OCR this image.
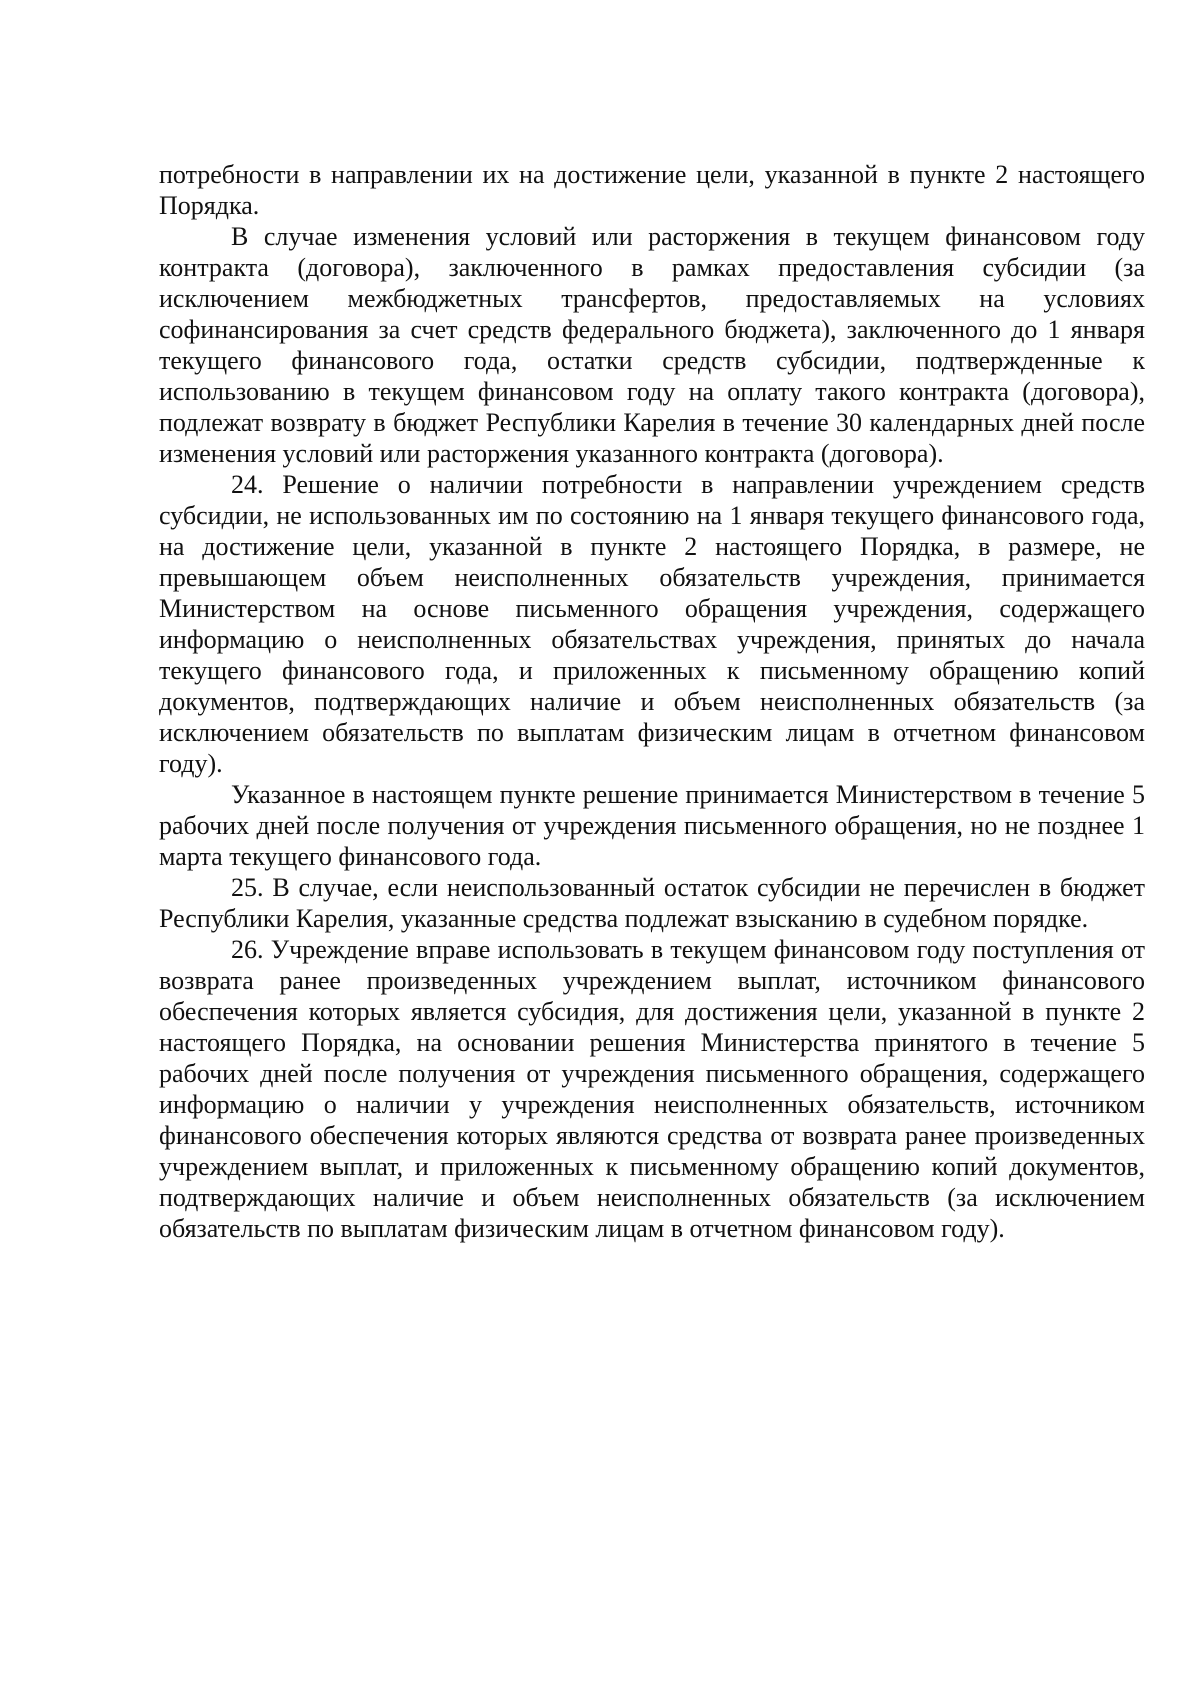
потребности в направлении их на достижение цели, указанной в пункте 2 настоящего Порядка.

В случае изменения условий или расторжения в текущем финансовом году контракта (договора), заключенного в рамках предоставления субсидии (за исключением межбюджетных трансфертов, предоставляемых на условиях софинансирования за счет средств федерального бюджета), заключенного до 1 января текущего финансового года, остатки средств субсидии, подтвержденные к использованию в текущем финансовом году на оплату такого контракта (договора), подлежат возврату в бюджет Республики Карелия в течение 30 календарных дней после изменения условий или расторжения указанного контракта (договора).

24. Решение о наличии потребности в направлении учреждением средств субсидии, не использованных им по состоянию на 1 января текущего финансового года, на достижение цели, указанной в пункте 2 настоящего Порядка, в размере, не превышающем объем неисполненных обязательств учреждения, принимается Министерством на основе письменного обращения учреждения, содержащего информацию о неисполненных обязательствах учреждения, принятых до начала текущего финансового года, и приложенных к письменному обращению копий документов, подтверждающих наличие и объем неисполненных обязательств (за исключением обязательств по выплатам физическим лицам в отчетном финансовом году).

Указанное в настоящем пункте решение принимается Министерством в течение 5 рабочих дней после получения от учреждения письменного обращения, но не позднее 1 марта текущего финансового года.

25. В случае, если неиспользованный остаток субсидии не перечислен в бюджет Республики Карелия, указанные средства подлежат взысканию в судебном порядке.

26. Учреждение вправе использовать в текущем финансовом году поступления от возврата ранее произведенных учреждением выплат, источником финансового обеспечения которых является субсидия, для достижения цели, указанной в пункте 2 настоящего Порядка, на основании решения Министерства принятого в течение 5 рабочих дней после получения от учреждения письменного обращения, содержащего информацию о наличии у учреждения неисполненных обязательств, источником финансового обеспечения которых являются средства от возврата ранее произведенных учреждением выплат, и приложенных к письменному обращению копий документов, подтверждающих наличие и объем неисполненных обязательств (за исключением обязательств по выплатам физическим лицам в отчетном финансовом году).
